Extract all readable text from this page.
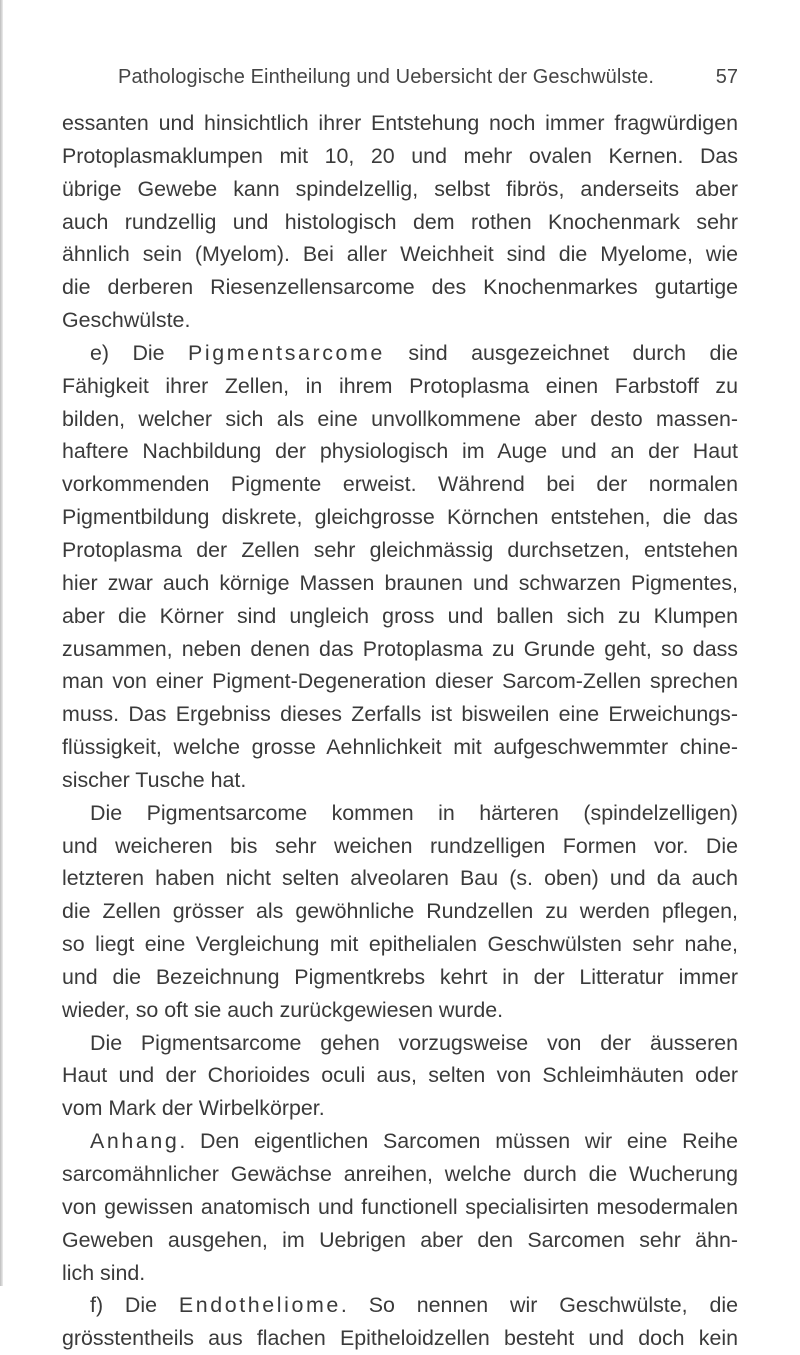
Pathologische Eintheilung und Uebersicht der Geschwülste.	57
essanten und hinsichtlich ihrer Entstehung noch immer fragwürdigen
Protoplasmaklumpen mit 10, 20 und mehr ovalen Kernen. Das
übrige Gewebe kann spindelzellig, selbst fibrös, anderseits aber
auch rundzellig und histologisch dem rothen Knochenmark sehr
ähnlich sein (Myelom). Bei aller Weichheit sind die Myelome, wie
die derberen Riesenzellensarcome des Knochenmarkes gutartige
Geschwülste.
e) Die Pigmentsarcome sind ausgezeichnet durch die
Fähigkeit ihrer Zellen, in ihrem Protoplasma einen Farbstoff zu
bilden, welcher sich als eine unvollkommene aber desto massen-
haftere Nachbildung der physiologisch im Auge und an der Haut
vorkommenden Pigmente erweist. Während bei der normalen
Pigmentbildung diskrete, gleichgrosse Körnchen entstehen, die das
Protoplasma der Zellen sehr gleichmässig durchsetzen, entstehen
hier zwar auch körnige Massen braunen und schwarzen Pigmentes,
aber die Körner sind ungleich gross und ballen sich zu Klumpen
zusammen, neben denen das Protoplasma zu Grunde geht, so dass
man von einer Pigment-Degeneration dieser Sarcom-Zellen sprechen
muss. Das Ergebniss dieses Zerfalls ist bisweilen eine Erweichungs-
flüssigkeit, welche grosse Aehnlichkeit mit aufgeschwemmter chine-
sischer Tusche hat.
Die Pigmentsarcome kommen in härteren (spindelzelligen)
und weicheren bis sehr weichen rundzelligen Formen vor. Die
letzteren haben nicht selten alveolaren Bau (s. oben) und da auch
die Zellen grösser als gewöhnliche Rundzellen zu werden pflegen,
so liegt eine Vergleichung mit epithelialen Geschwülsten sehr nahe,
und die Bezeichnung Pigmentkrebs kehrt in der Litteratur immer
wieder, so oft sie auch zurückgewiesen wurde.
Die Pigmentsarcome gehen vorzugsweise von der äusseren
Haut und der Chorioides oculi aus, selten von Schleimhäuten oder
vom Mark der Wirbelkörper.
Anhang. Den eigentlichen Sarcomen müssen wir eine Reihe
sarcomähnlicher Gewächse anreihen, welche durch die Wucherung
von gewissen anatomisch und functionell specialisirten mesodermalen
Geweben ausgehen, im Uebrigen aber den Sarcomen sehr ähn-
lich sind.
f) Die Endotheliome. So nennen wir Geschwülste, die
grösstentheils aus flachen Epitheloidzellen besteht und doch kein
